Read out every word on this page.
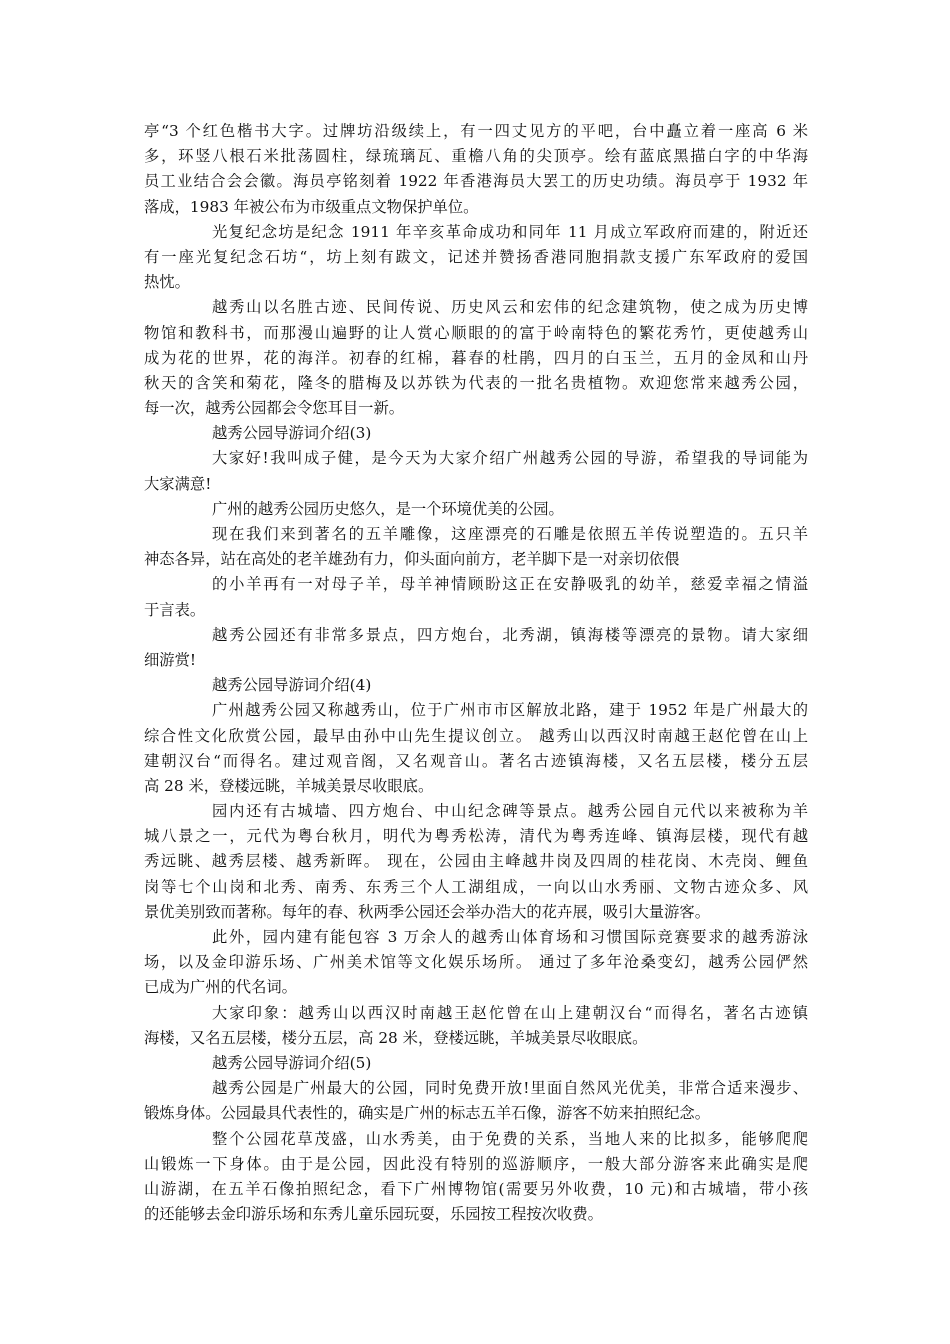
亭“3 个红色楷书大字。过牌坊沿级续上，有一四丈见方的平吧，台中矗立着一座高 6 米
多，环竖八根石米批荡圆柱，绿琉璃瓦、重檐八角的尖顶亭。绘有蓝底黑描白字的中华海
员工业结合会会徽。海员亭铭刻着 1922 年香港海员大罢工的历史功绩。海员亭于 1932 年
落成，1983 年被公布为市级重点文物保护单位。
光复纪念坊是纪念 1911 年辛亥革命成功和同年 11 月成立军政府而建的，附近还
有一座光复纪念石坊“，坊上刻有跋文，记述并赞扬香港同胞捐款支援广东军政府的爱国
热忱。
越秀山以名胜古迹、民间传说、历史风云和宏伟的纪念建筑物，使之成为历史博
物馆和教科书，而那漫山遍野的让人赏心顺眼的的富于岭南特色的繁花秀竹，更使越秀山
成为花的世界，花的海洋。初春的红棉，暮春的杜鹃，四月的白玉兰，五月的金凤和山丹
秋天的含笑和菊花，隆冬的腊梅及以苏铁为代表的一批名贵植物。欢迎您常来越秀公园，
每一次，越秀公园都会令您耳目一新。
越秀公园导游词介绍(3)
大家好!我叫成子健，是今天为大家介绍广州越秀公园的导游，希望我的导词能为
大家满意!
广州的越秀公园历史悠久，是一个环境优美的公园。
现在我们来到著名的五羊雕像，这座漂亮的石雕是依照五羊传说塑造的。五只羊
神态各异，站在高处的老羊雄劲有力，仰头面向前方，老羊脚下是一对亲切依偎
的小羊再有一对母子羊，母羊神情顾盼这正在安静吸乳的幼羊，慈爱幸福之情溢
于言表。
越秀公园还有非常多景点，四方炮台，北秀湖，镇海楼等漂亮的景物。请大家细
细游赏!
越秀公园导游词介绍(4)
广州越秀公园又称越秀山，位于广州市市区解放北路，建于 1952 年是广州最大的
综合性文化欣赏公园，最早由孙中山先生提议创立。 越秀山以西汉时南越王赵佗曾在山上
建朝汉台“而得名。建过观音阁，又名观音山。著名古迹镇海楼，又名五层楼，楼分五层
高 28 米，登楼远眺，羊城美景尽收眼底。
园内还有古城墙、四方炮台、中山纪念碑等景点。越秀公园自元代以来被称为羊
城八景之一，元代为粤台秋月，明代为粤秀松涛，清代为粤秀连峰、镇海层楼，现代有越
秀远眺、越秀层楼、越秀新晖。 现在，公园由主峰越井岗及四周的桂花岗、木壳岗、鲤鱼
岗等七个山岗和北秀、南秀、东秀三个人工湖组成，一向以山水秀丽、文物古迹众多、风
景优美别致而著称。每年的春、秋两季公园还会举办浩大的花卉展，吸引大量游客。
此外，园内建有能包容 3 万余人的越秀山体育场和习惯国际竞赛要求的越秀游泳
场，以及金印游乐场、广州美术馆等文化娱乐场所。 通过了多年沧桑变幻，越秀公园俨然
已成为广州的代名词。
大家印象：越秀山以西汉时南越王赵佗曾在山上建朝汉台“而得名，著名古迹镇
海楼，又名五层楼，楼分五层，高 28 米，登楼远眺，羊城美景尽收眼底。
越秀公园导游词介绍(5)
越秀公园是广州最大的公园，同时免费开放!里面自然风光优美，非常合适来漫步、
锻炼身体。公园最具代表性的，确实是广州的标志五羊石像，游客不妨来拍照纪念。
整个公园花草茂盛，山水秀美，由于免费的关系，当地人来的比拟多，能够爬爬
山锻炼一下身体。由于是公园，因此没有特别的巡游顺序，一般大部分游客来此确实是爬
山游湖，在五羊石像拍照纪念，看下广州博物馆(需要另外收费，10 元)和古城墙，带小孩
的还能够去金印游乐场和东秀儿童乐园玩耍，乐园按工程按次收费。
